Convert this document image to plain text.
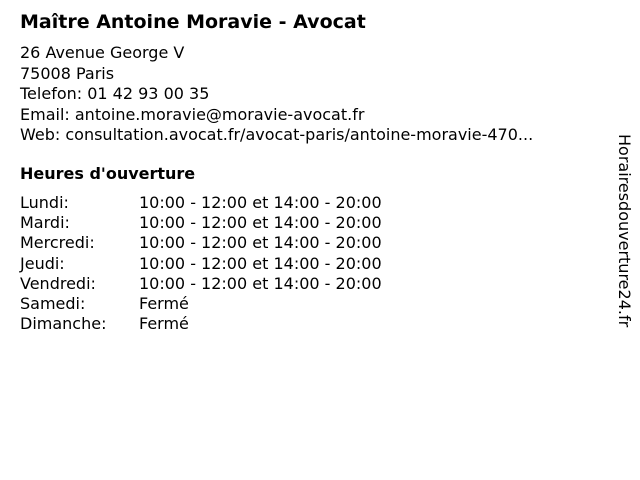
Maître Antoine Moravie - Avocat
26 Avenue George V
75008 Paris
Telefon: 01 42 93 00 35
Email: antoine.moravie@moravie-avocat.fr
Web: consultation.avocat.fr/avocat-paris/antoine-moravie-470...
Heures d'ouverture
Lundi:	10:00 - 12:00 et 14:00 - 20:00
Mardi:	10:00 - 12:00 et 14:00 - 20:00
Mercredi:	10:00 - 12:00 et 14:00 - 20:00
Jeudi:	10:00 - 12:00 et 14:00 - 20:00
Vendredi:	10:00 - 12:00 et 14:00 - 20:00
Samedi:	Fermé
Dimanche: Fermé	Horairesdouverture24.fr
